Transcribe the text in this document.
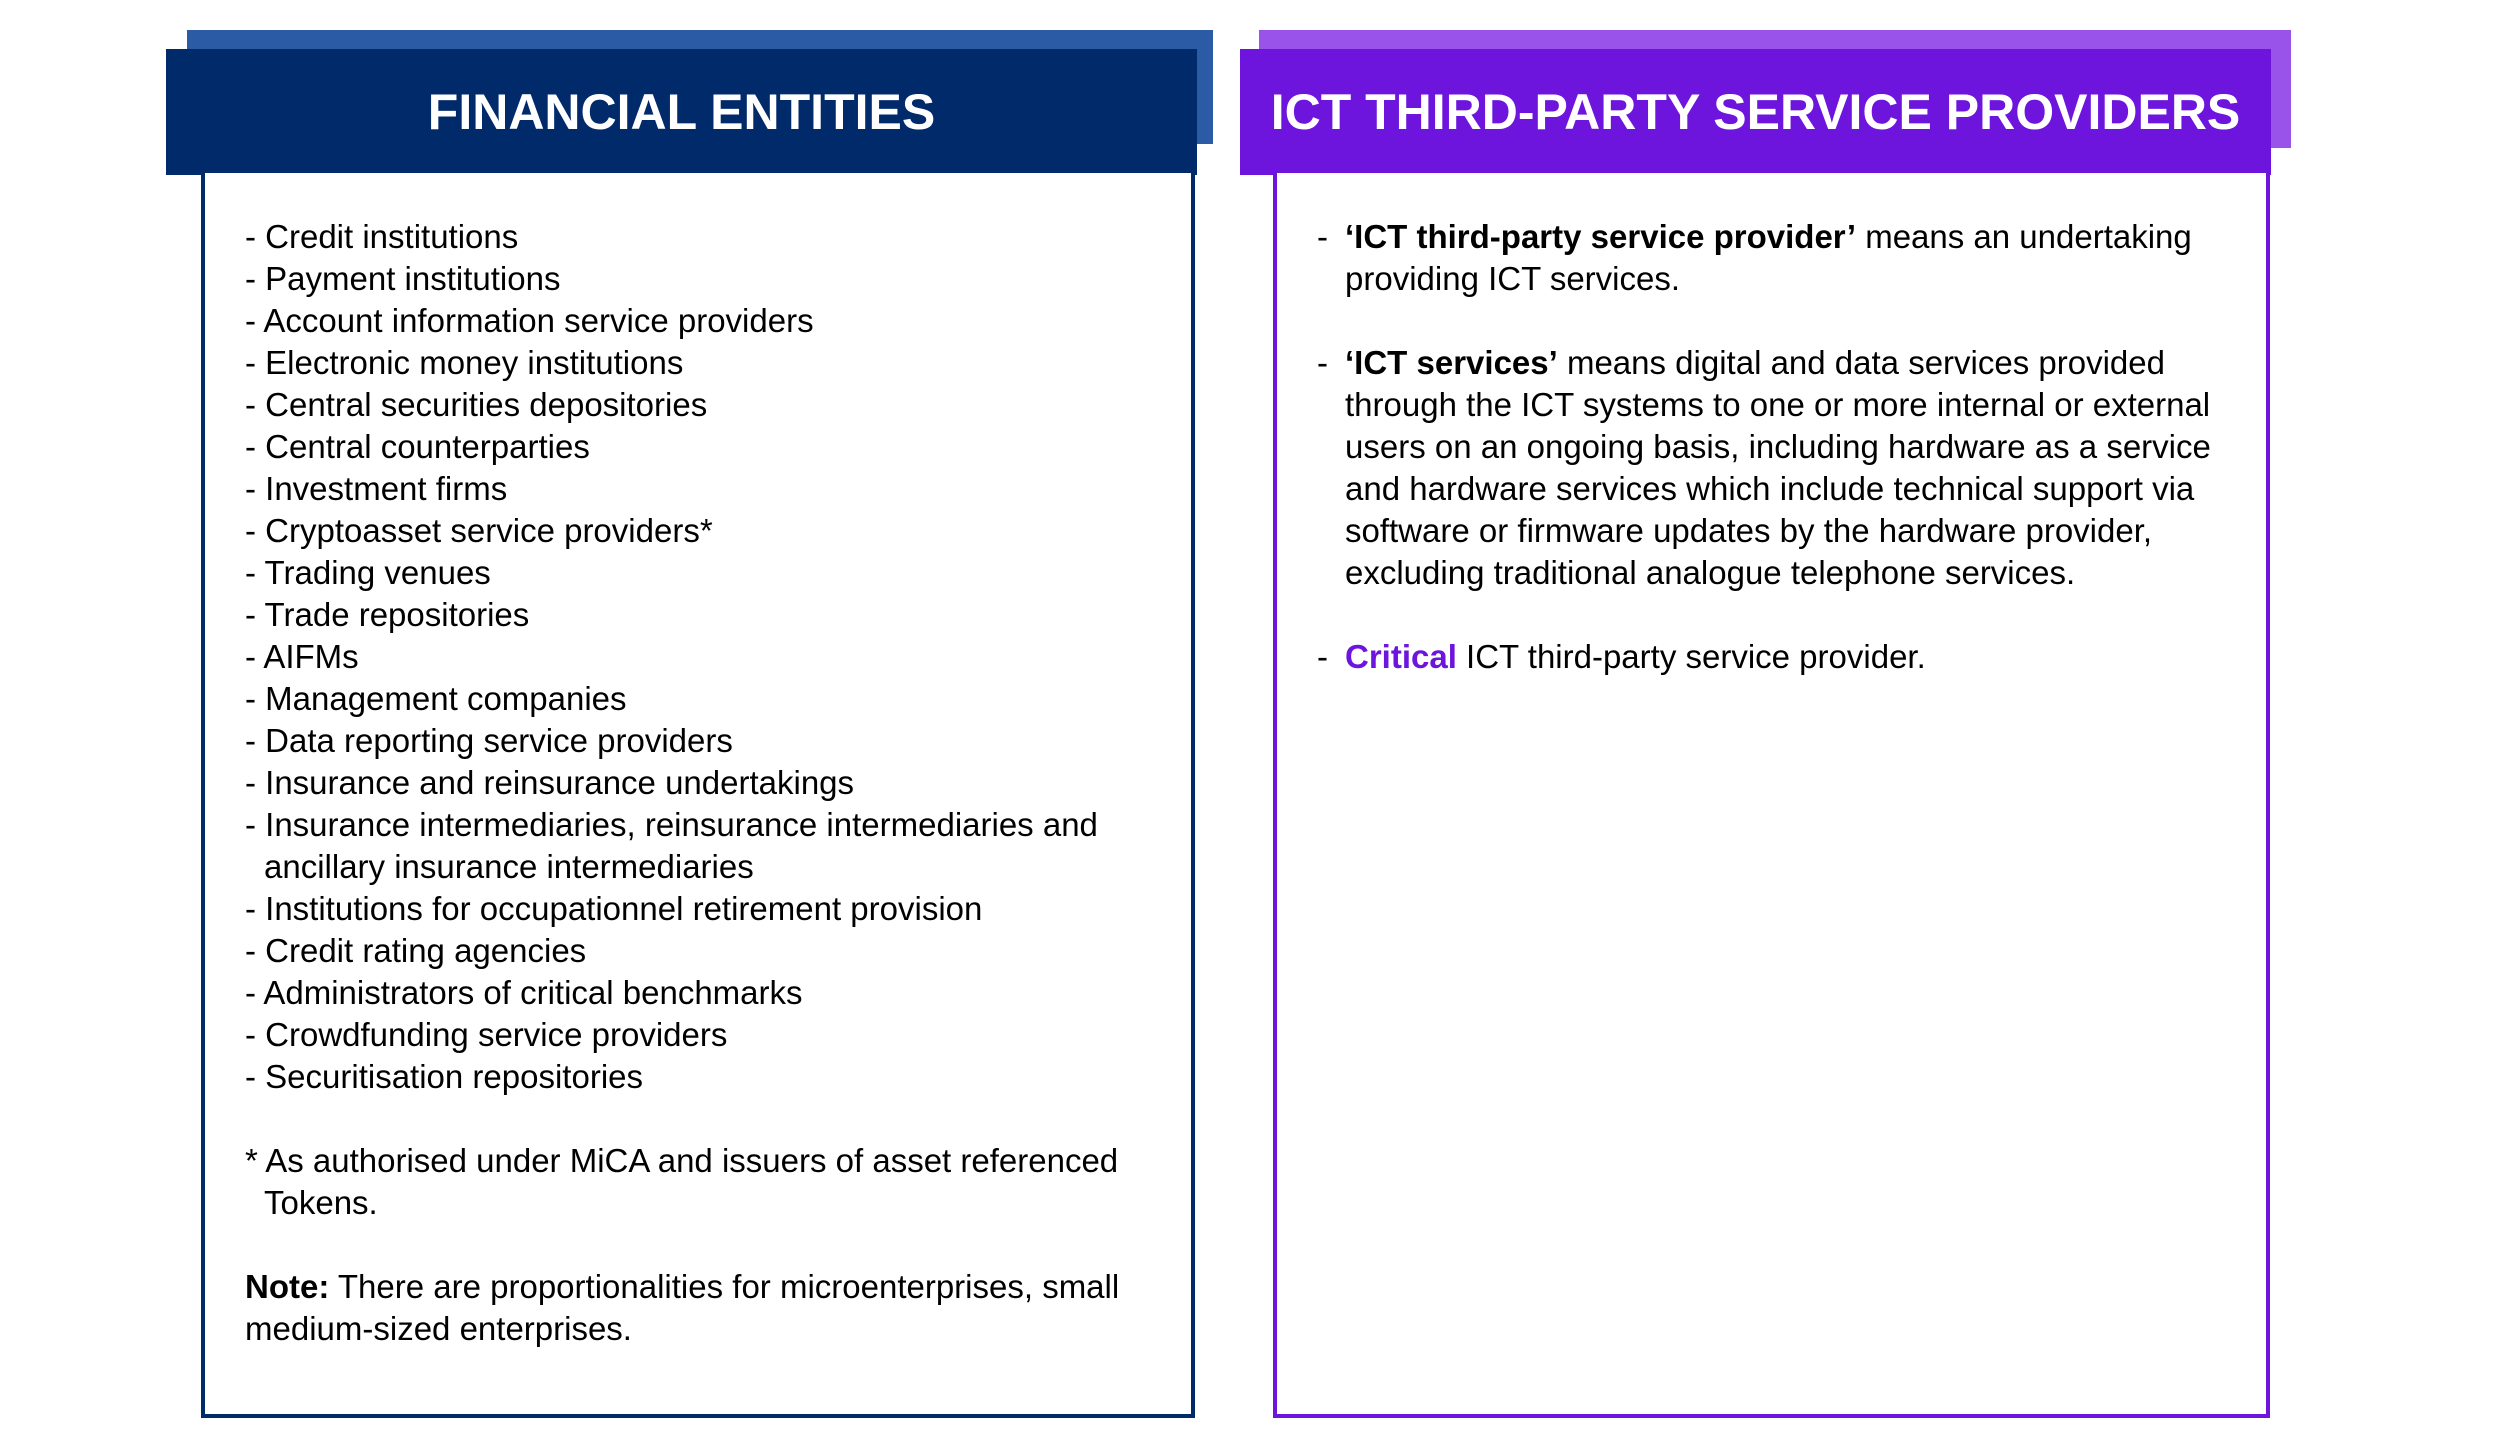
FINANCIAL ENTITIES
- Credit institutions
- Payment institutions
- Account information service providers
- Electronic money institutions
- Central securities depositories
- Central counterparties
- Investment firms
- Cryptoasset service providers*
- Trading venues
- Trade repositories
- AIFMs
- Management companies
- Data reporting service providers
- Insurance and reinsurance undertakings
- Insurance intermediaries, reinsurance intermediaries and
ancillary insurance intermediaries
- Institutions for occupationnel retirement provision
- Credit rating agencies
- Administrators of critical benchmarks
- Crowdfunding service providers
- Securitisation repositories
* As authorised under MiCA and issuers of asset referenced
Tokens.
Note: There are proportionalities for microenterprises, small
medium-sized enterprises.
ICT THIRD-PARTY SERVICE PROVIDERS
- ‘ICT third-party service provider’ means an undertaking
providing ICT services.
- ‘ICT services’ means digital and data services provided
through the ICT systems to one or more internal or external
users on an ongoing basis, including hardware as a service
and hardware services which include technical support via
software or firmware updates by the hardware provider,
excluding traditional analogue telephone services.
- Critical ICT third-party service provider.
